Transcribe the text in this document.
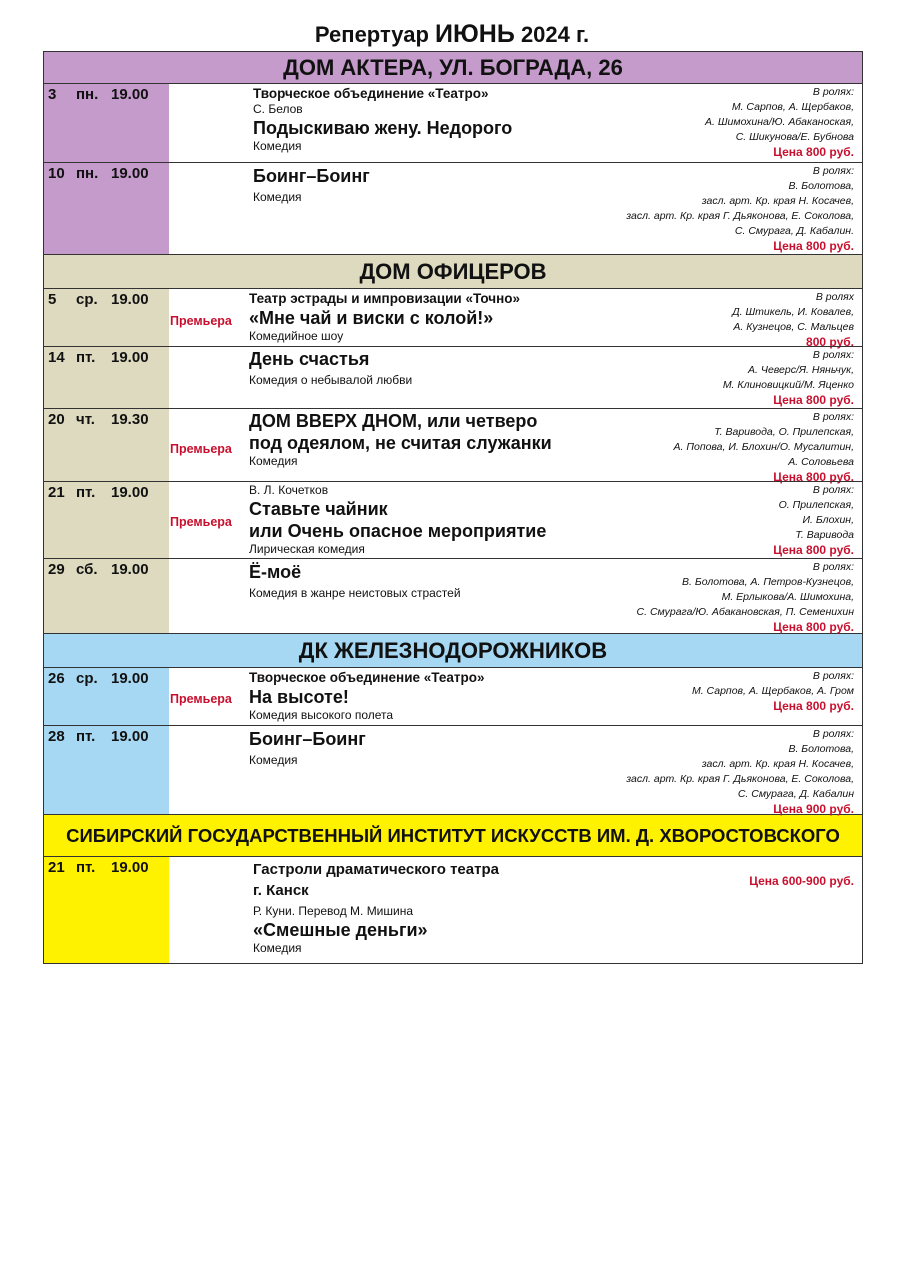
Репертуар ИЮНЬ 2024 г.
ДОМ АКТЕРА, УЛ. БОГРАДА, 26
3 пн. 19.00	Творческое объединение «Театро»
С. Белов
Подыскиваю жену. Недорого
Комедия
В ролях:
М. Сарпов, А. Щербаков,
А. Шимохина/Ю. Абаканоская,
С. Шикунова/Е. Бубнова
Цена 800 руб.
10 пн. 19.00	Боинг–Боинг
Комедия
В ролях:
В. Болотова,
засл. арт. Кр. края Н. Косачев,
засл. арт. Кр. края Г. Дьяконова, Е. Соколова,
С. Смурага, Д. Кабалин.
Цена 800 руб.
ДОМ ОФИЦЕРОВ
5 ср. 19.00
Премьера
Театр эстрады и импровизации «Точно»
«Мне чай и виски с колой!»
Комедийное шоу
В ролях
Д. Штикель, И. Ковалев,
А. Кузнецов, С. Мальцев
800 руб.
14 пт. 19.00	День счастья
Комедия о небывалой любви
В ролях:
А. Чеверс/Я. Няньчук,
М. Клиновицкий/М. Яценко
Цена 800 руб.
20 чт. 19.30
Премьера
ДОМ ВВЕРХ ДНОМ, или четверо
под одеялом, не считая служанки
Комедия
В ролях:
Т. Варивода, О. Прилепская,
А. Попова, И. Блохин/О. Мусалитин,
А. Соловьева
Цена 800 руб.
21 пт. 19.00
Премьера
В. Л. Кочетков
Ставьте чайник
или Очень опасное мероприятие
Лирическая комедия
В ролях:
О. Прилепская,
И. Блохин,
Т. Варивода
Цена 800 руб.
29 сб. 19.00	Ё-моё
Комедия в жанре неистовых страстей
В ролях:
В. Болотова, А. Петров-Кузнецов,
М. Ерлыкова/А. Шимохина,
С. Смурага/Ю. Абакановская, П. Семенихин
Цена 800 руб.
ДК ЖЕЛЕЗНОДОРОЖНИКОВ
26 ср. 19.00
Премьера
Творческое объединение «Театро»
На высоте!
Комедия высокого полета
В ролях:
М. Сарпов, А. Щербаков, А. Гром
Цена 800 руб.
28 пт. 19.00	Боинг–Боинг
Комедия
В ролях:
В. Болотова,
засл. арт. Кр. края Н. Косачев,
засл. арт. Кр. края Г. Дьяконова, Е. Соколова,
С. Смурага, Д. Кабалин
Цена 900 руб.
СИБИРСКИЙ ГОСУДАРСТВЕННЫЙ ИНСТИТУТ ИСКУССТВ ИМ. Д. ХВОРОСТОВСКОГО
21 пт. 19.00	Гастроли драматического театра
г. Канск
Р. Куни. Перевод М. Мишина
«Смешные деньги»
Комедия
Цена 600-900 руб.
